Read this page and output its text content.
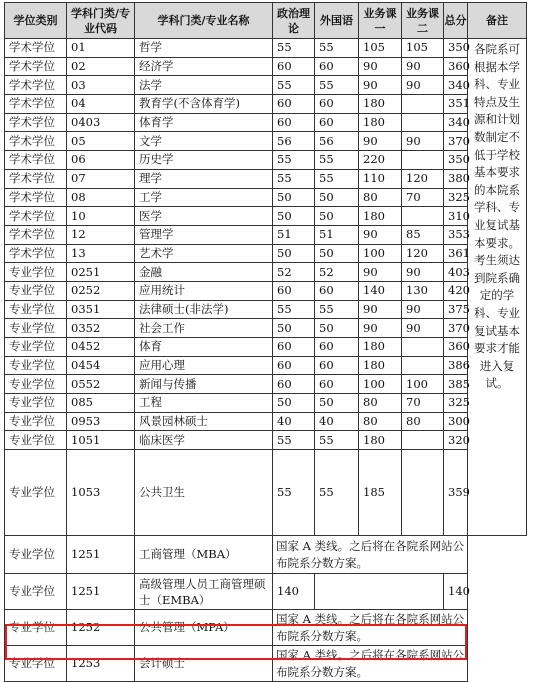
学位类别	学科门类/专业代码	学科门类/专业名称	政治理论	外国语	业务课一	业务课二	总分	备注
学术学位	01	哲学	55	55	105	105	350	各院系可根据本学科、专业特点及生源和计划数制定不低于学校基本要求的本院系学科、专业复试基本要求。考生须达到院系确定的学科、专业复试基本要求才能进入复试。
学术学位	02	经济学	60	60	90	90	360	
学术学位	03	法学	55	55	90	90	340	
学术学位	04	教育学(不含体育学)	60	60	180		351	
学术学位	0403	体育学	60	60	180		340	
学术学位	05	文学	56	56	90	90	370	
学术学位	06	历史学	55	55	220		350	
学术学位	07	理学	55	55	110	120	380	
学术学位	08	工学	50	50	80	70	325	
学术学位	10	医学	50	50	180		310	
学术学位	12	管理学	51	51	90	85	353	
学术学位	13	艺术学	50	50	100	120	361	
专业学位	0251	金融	52	52	90	90	403	
专业学位	0252	应用统计	60	60	140	130	420	
专业学位	0351	法律硕士(非法学)	55	55	90	90	375	
专业学位	0352	社会工作	50	50	90	90	370	
专业学位	0452	体育	60	60	180		360	
专业学位	0454	应用心理	60	60	180		386	
专业学位	0552	新闻与传播	60	60	100	100	385	
专业学位	085	工程	50	50	80	70	325	
专业学位	0953	风景园林硕士	40	40	80	80	300	
专业学位	1051	临床医学	55	55	180		320	
专业学位	1053	公共卫生	55	55	185		359	
专业学位	1251	工商管理（MBA）	国家 A 类线。之后将在各院系网站公布院系分数方案。					
专业学位	1251	高级管理人员工商管理硕士（EMBA）	140				140	
专业学位	1252	公共管理（MPA）	国家 A 类线。之后将在各院系网站公布院系分数方案。					
专业学位	1253	会计硕士	国家 A 类线。之后将在各院系网站公布院系分数方案。					
